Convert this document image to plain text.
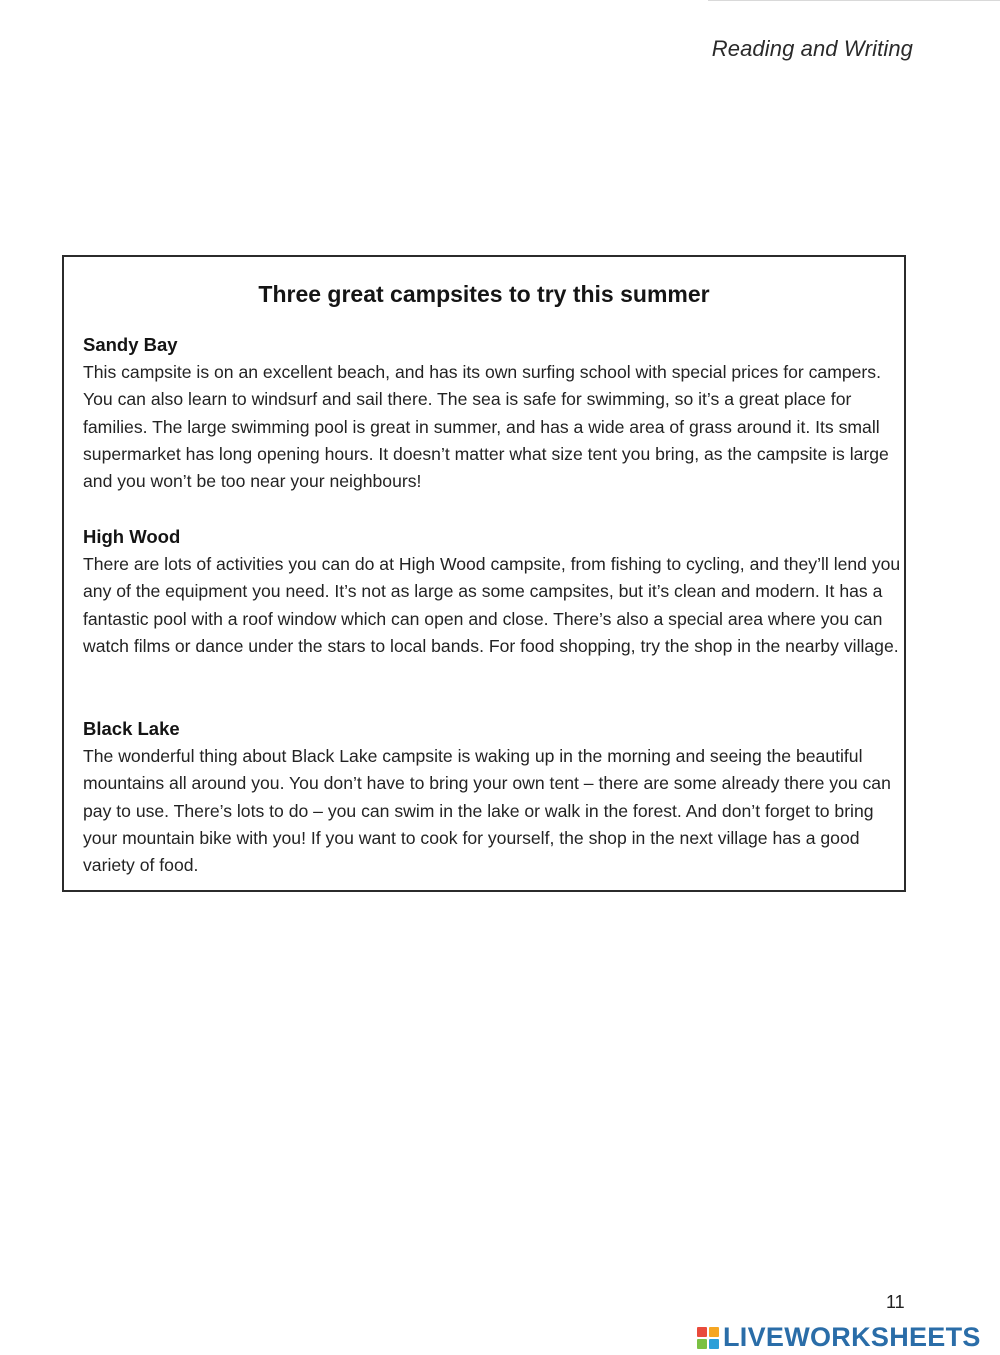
Reading and Writing
Three great campsites to try this summer
Sandy Bay

This campsite is on an excellent beach, and has its own surfing school with special prices for campers. You can also learn to windsurf and sail there. The sea is safe for swimming, so it’s a great place for families. The large swimming pool is great in summer, and has a wide area of grass around it. Its small supermarket has long opening hours. It doesn’t matter what size tent you bring, as the campsite is large and you won’t be too near your neighbours!

High Wood

There are lots of activities you can do at High Wood campsite, from fishing to cycling, and they’ll lend you any of the equipment you need. It’s not as large as some campsites, but it’s clean and modern. It has a fantastic pool with a roof window which can open and close. There’s also a special area where you can watch films or dance under the stars to local bands. For food shopping, try the shop in the nearby village.

Black Lake

The wonderful thing about Black Lake campsite is waking up in the morning and seeing the beautiful mountains all around you. You don’t have to bring your own tent – there are some already there you can pay to use. There’s lots to do – you can swim in the lake or walk in the forest. And don’t forget to bring your mountain bike with you! If you want to cook for yourself, the shop in the next village has a good variety of food.

11
LIVEWORKSHEETS
